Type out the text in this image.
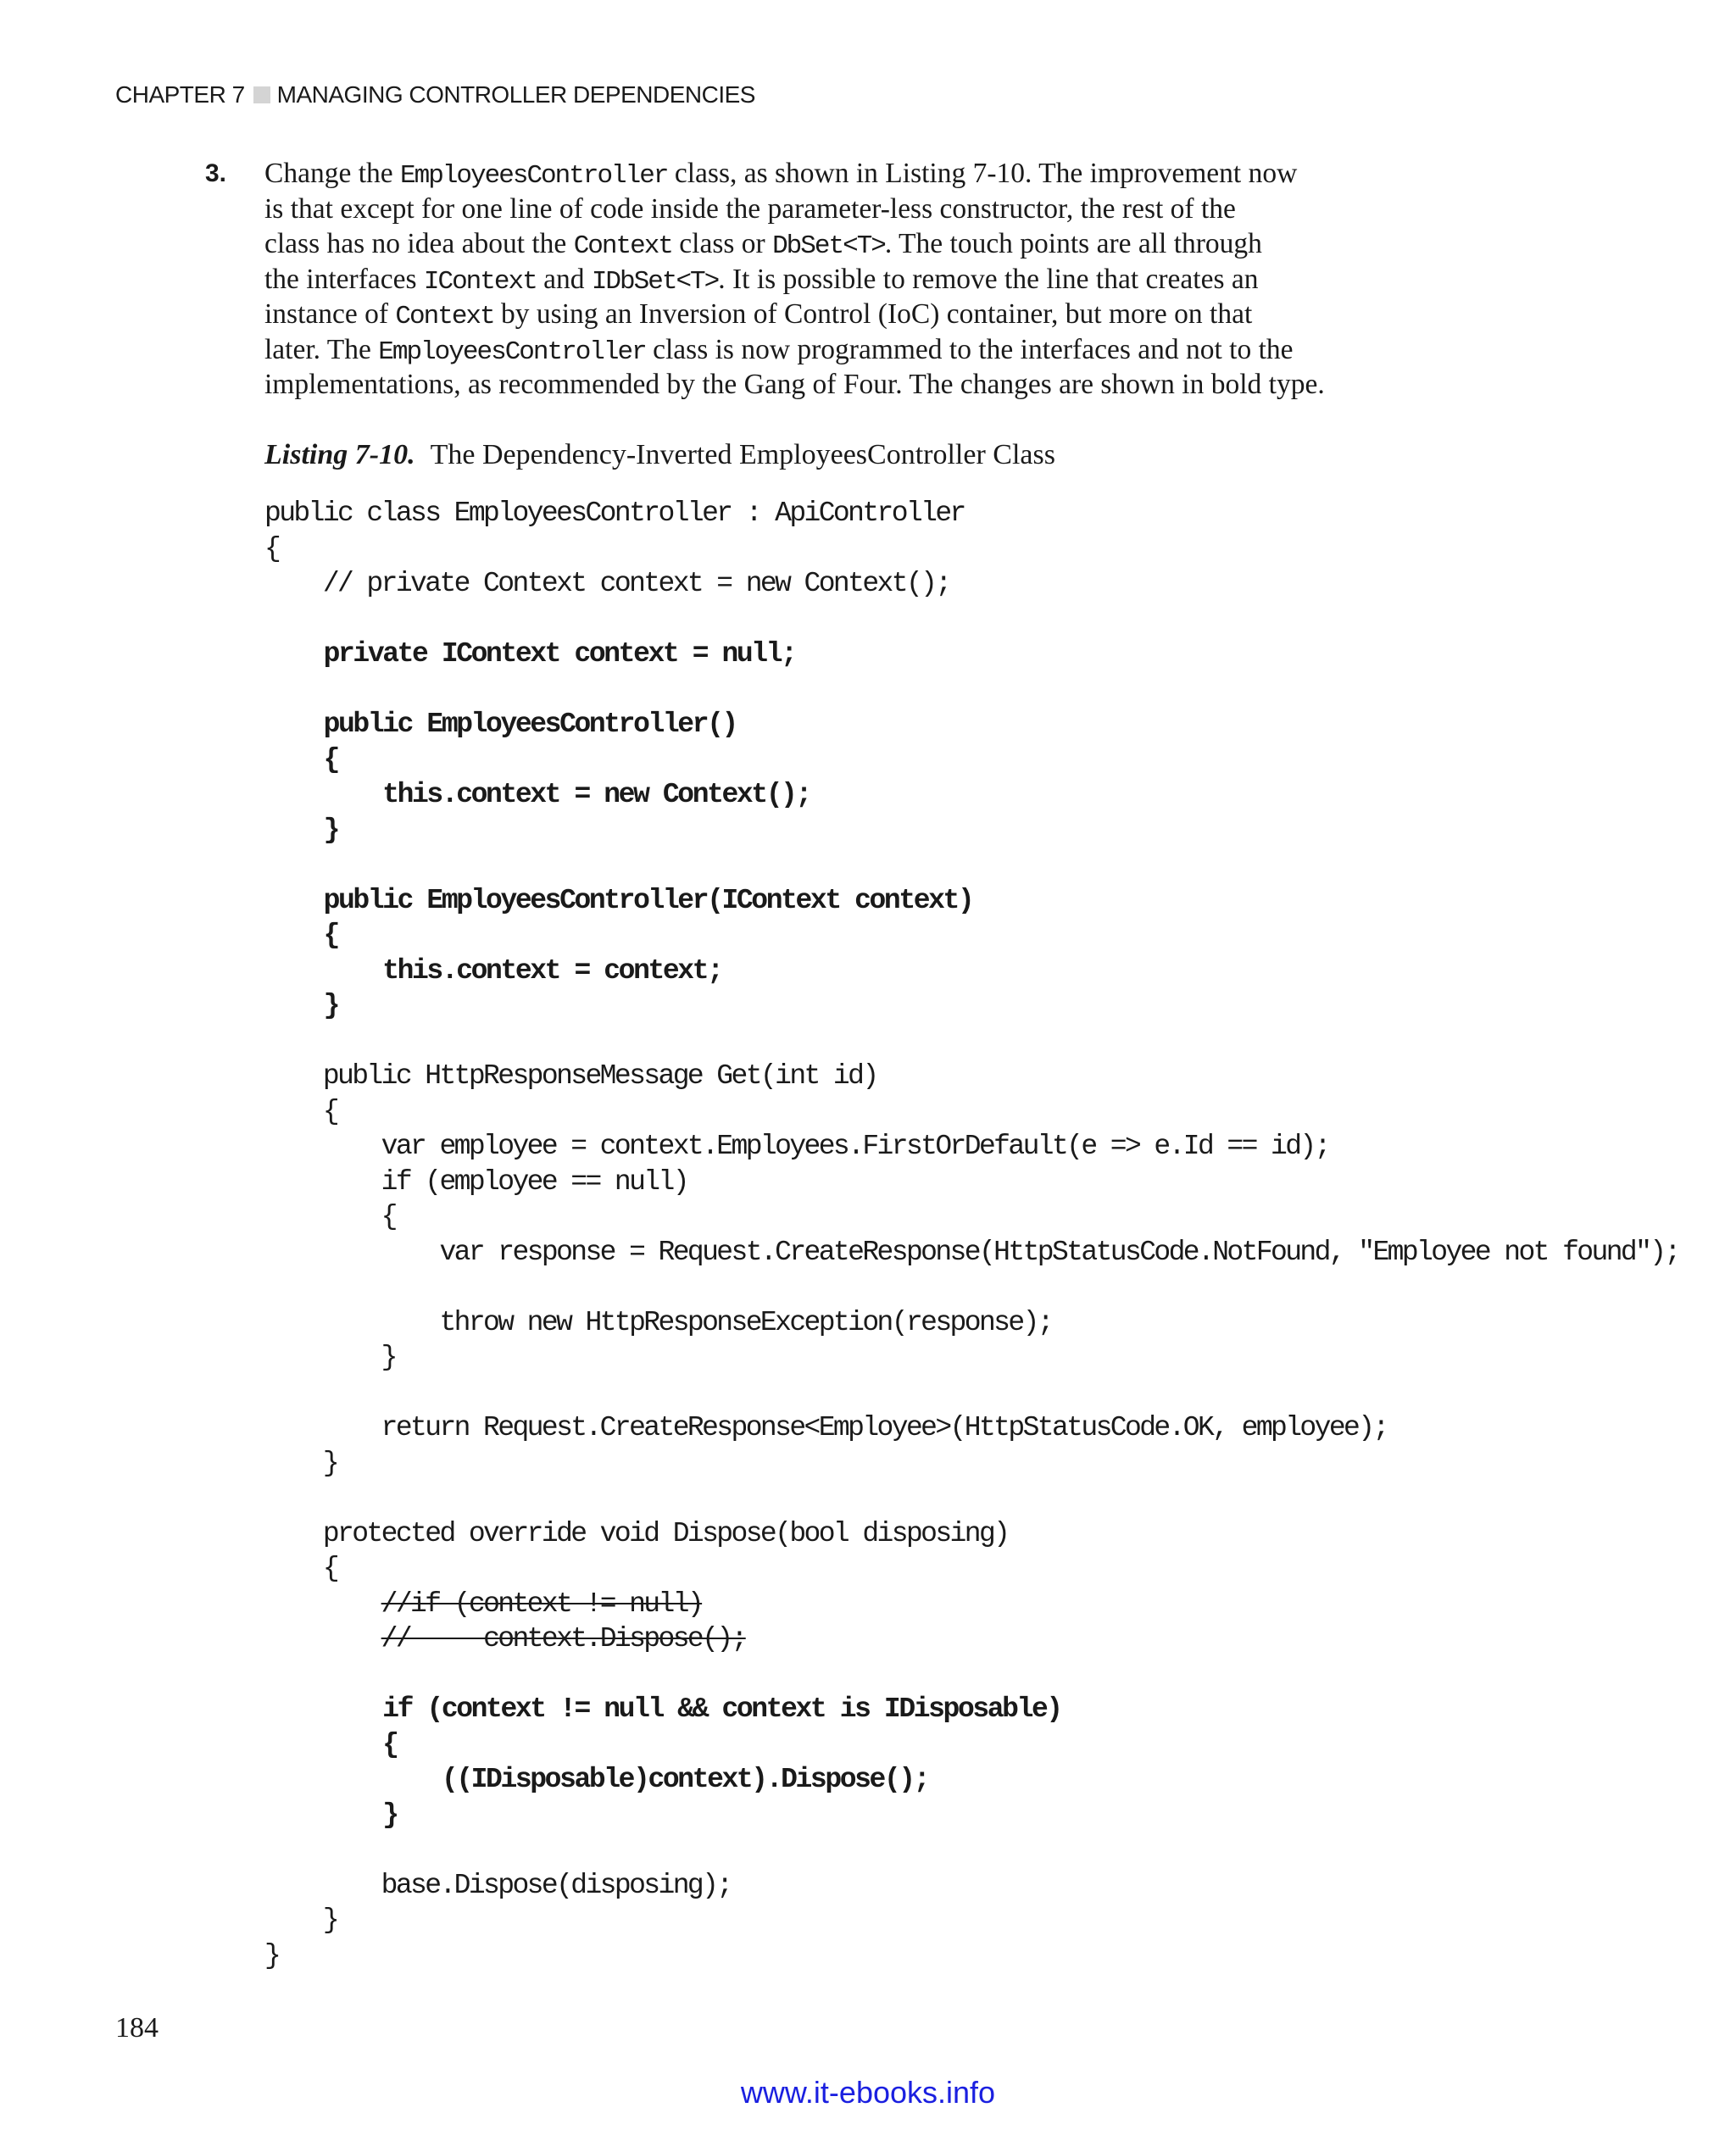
CHAPTER 7 MANAGING CONTROLLER DEPENDENCIES
3. Change the EmployeesController class, as shown in Listing 7-10. The improvement now
is that except for one line of code inside the parameter-less constructor, the rest of the
class has no idea about the Context class or DbSet<T>. The touch points are all through
the interfaces IContext and IDbSet<T>. It is possible to remove the line that creates an
instance of Context by using an Inversion of Control (IoC) container, but more on that
later. The EmployeesController class is now programmed to the interfaces and not to the
implementations, as recommended by the Gang of Four. The changes are shown in bold type.
Listing 7-10. The Dependency-Inverted EmployeesController Class
public class EmployeesController : ApiController
{
// private Context context = new Context();
private IContext context = null;
public EmployeesController()
{
this.context = new Context();
}
public EmployeesController(IContext context)
{
this.context = context;
}
public HttpResponseMessage Get(int id)
{
var employee = context.Employees.FirstOrDefault(e => e.Id == id);
if (employee == null)
{
var response = Request.CreateResponse(HttpStatusCode.NotFound, "Employee not found");
throw new HttpResponseException(response);
}
return Request.CreateResponse<Employee>(HttpStatusCode.OK, employee);
}
protected override void Dispose(bool disposing)
{
//if (context != null)
//     context.Dispose();
if (context != null && context is IDisposable)
{
((IDisposable)context).Dispose();
}
base.Dispose(disposing);
}
}
184
www.it-ebooks.info
